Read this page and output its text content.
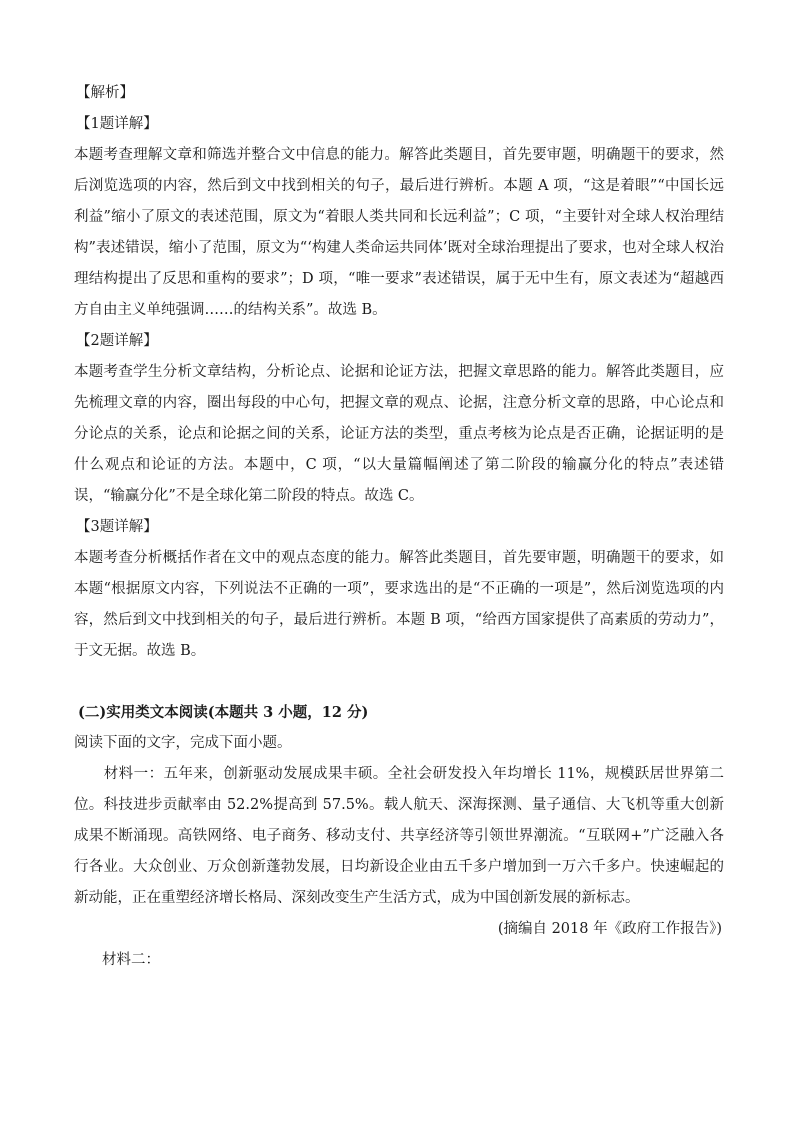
【解析】

【1题详解】

本题考查理解文章和筛选并整合文中信息的能力。解答此类题目，首先要审题，明确题干的要求，然后浏览选项的内容，然后到文中找到相关的句子，最后进行辨析。本题 A 项，“这是着眼”“中国长远利益”缩小了原文的表述范围，原文为“着眼人类共同和长远利益”；C 项，“主要针对全球人权治理结构”表述错误，缩小了范围，原文为“‘构建人类命运共同体’既对全球治理提出了要求，也对全球人权治理结构提出了反思和重构的要求”；D 项，“唯一要求”表述错误，属于无中生有，原文表述为“超越西方自由主义单纯强调……的结构关系”。故选 B。

【2题详解】

本题考查学生分析文章结构，分析论点、论据和论证方法，把握文章思路的能力。解答此类题目，应先梳理文章的内容，圈出每段的中心句，把握文章的观点、论据，注意分析文章的思路，中心论点和分论点的关系，论点和论据之间的关系，论证方法的类型，重点考核为论点是否正确，论据证明的是什么观点和论证的方法。本题中，C 项，“以大量篇幅阐述了第二阶段的输赢分化的特点”表述错误，“输赢分化”不是全球化第二阶段的特点。故选 C。

【3题详解】

本题考查分析概括作者在文中的观点态度的能力。解答此类题目，首先要审题，明确题干的要求，如本题“根据原文内容，下列说法不正确的一项”，要求选出的是“不正确的一项是”，然后浏览选项的内容，然后到文中找到相关的句子，最后进行辨析。本题 B 项，“给西方国家提供了高素质的劳动力”，于文无据。故选 B。

(二)实用类文本阅读(本题共 3 小题，12 分)

阅读下面的文字，完成下面小题。

材料一：五年来，创新驱动发展成果丰硕。全社会研发投入年均增长 11%，规模跃居世界第二位。科技进步贡献率由 52.2%提高到 57.5%。载人航天、深海探测、量子通信、大飞机等重大创新成果不断涌现。高铁网络、电子商务、移动支付、共享经济等引领世界潮流。“互联网+”广泛融入各行各业。大众创业、万众创新蓬勃发展，日均新设企业由五千多户增加到一万六千多户。快速崛起的新动能，正在重塑经济增长格局、深刻改变生产生活方式，成为中国创新发展的新标志。

(摘编自 2018 年《政府工作报告》)

材料二：
